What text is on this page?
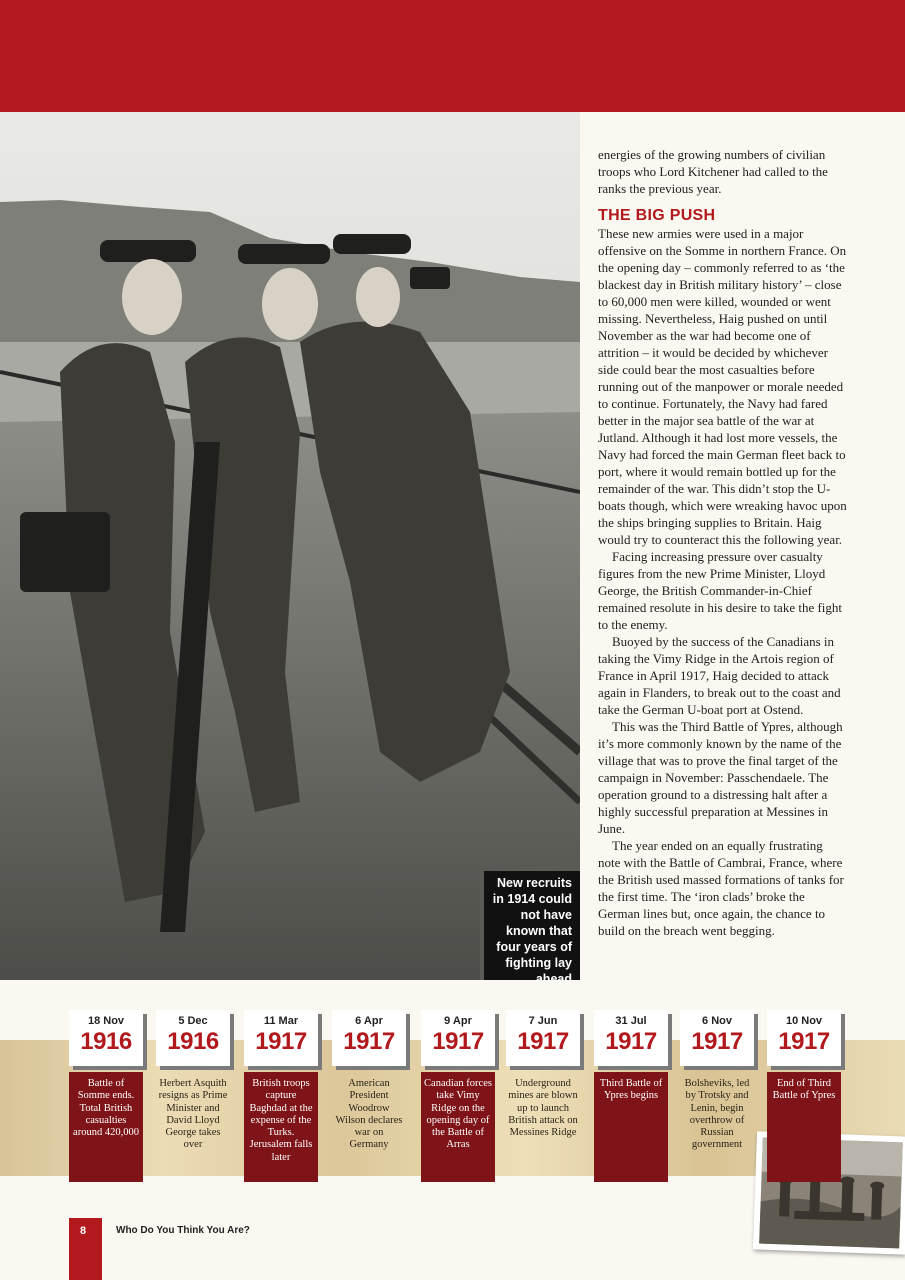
New recruits in 1914 could not have known that four years of fighting lay ahead

energies of the growing numbers of civilian troops who Lord Kitchener had called to the ranks the previous year.

THE BIG PUSH

These new armies were used in a major offensive on the Somme in northern France. On the opening day – commonly referred to as ‘the blackest day in British military history’ – close to 60,000 men were killed, wounded or went missing. Nevertheless, Haig pushed on until November as the war had become one of attrition – it would be decided by whichever side could bear the most casualties before running out of the manpower or morale needed to continue. Fortunately, the Navy had fared better in the major sea battle of the war at Jutland. Although it had lost more vessels, the Navy had forced the main German fleet back to port, where it would remain bottled up for the remainder of the war. This didn’t stop the U-boats though, which were wreaking havoc upon the ships bringing supplies to Britain. Haig would try to counteract this the following year.

Facing increasing pressure over casualty figures from the new Prime Minister, Lloyd George, the British Commander-in-Chief remained resolute in his desire to take the fight to the enemy.

Buoyed by the success of the Canadians in taking the Vimy Ridge in the Artois region of France in April 1917, Haig decided to attack again in Flanders, to break out to the coast and take the German U-boat port at Ostend.

This was the Third Battle of Ypres, although it’s more commonly known by the name of the village that was to prove the final target of the campaign in November: Passchendaele. The operation ground to a distressing halt after a highly successful preparation at Messines in June.

The year ended on an equally frustrating note with the Battle of Cambrai, France, where the British used massed formations of tanks for the first time. The ‘iron clads’ broke the German lines but, once again, the chance to build on the breach went begging.

18 Nov
1916
Battle of Somme ends. Total British casualties around 420,000
5 Dec
1916
Herbert Asquith resigns as Prime Minister and David Lloyd George takes over
11 Mar
1917
British troops capture Baghdad at the expense of the Turks. Jerusalem falls later
6 Apr
1917
American President Woodrow Wilson declares war on Germany
9 Apr
1917
Canadian forces take Vimy Ridge on the opening day of the Battle of Arras
7 Jun
1917
Underground mines are blown up to launch British attack on Messines Ridge
31 Jul
1917
Third Battle of Ypres begins
6 Nov
1917
Bolsheviks, led by Trotsky and Lenin, begin overthrow of Russian government
10 Nov
1917
End of Third Battle of Ypres
8	Who Do You Think You Are?
